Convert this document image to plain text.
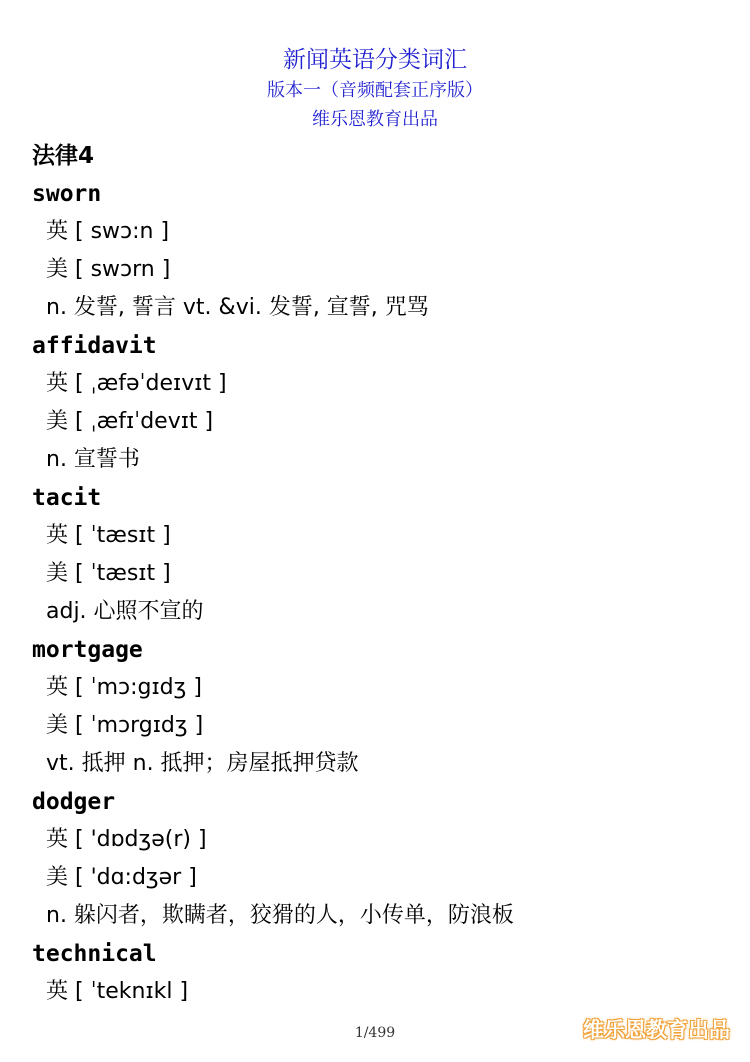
新闻英语分类词汇

版本一（音频配套正序版）

维乐恩教育出品

法律4
sworn
英 [ swɔ:n ]
美 [ swɔrn ]
n. 发誓, 誓言 vt. &vi. 发誓, 宣誓, 咒骂
affidavit
英 [ ˌæfəˈdeɪvɪt ]
美 [ ˌæfɪˈdevɪt ]
n. 宣誓书
tacit
英 [ ˈtæsɪt ]
美 [ ˈtæsɪt ]
adj. 心照不宣的
mortgage
英 [ ˈmɔ:gɪdʒ ]
美 [ ˈmɔrgɪdʒ ]
vt. 抵押 n. 抵押；房屋抵押贷款
dodger
英 [ 'dɒdʒə(r) ]
美 [ 'dɑ:dʒər ]
n. 躲闪者，欺瞒者，狡猾的人，小传单，防浪板
technical
英 [ ˈteknɪkl ]
1/499	维乐恩教育出品
